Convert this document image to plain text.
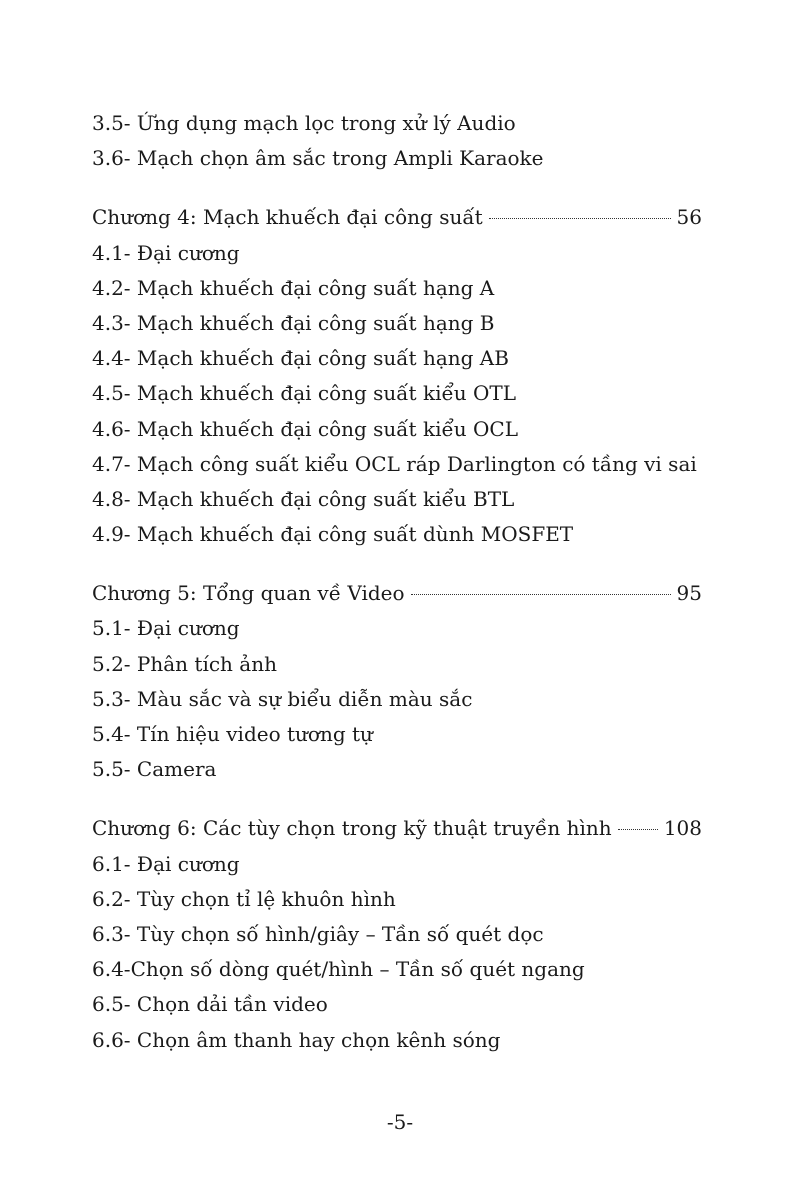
3.5- Ứng dụng mạch lọc trong xử lý Audio
3.6- Mạch chọn âm sắc trong Ampli Karaoke
Chương 4: Mạch khuếch đại công suất	56
4.1- Đại cương
4.2- Mạch khuếch đại công suất hạng A
4.3- Mạch khuếch đại công suất hạng B
4.4- Mạch khuếch đại công suất hạng AB
4.5- Mạch khuếch đại công suất kiểu OTL
4.6- Mạch khuếch đại công suất kiểu OCL
4.7- Mạch công suất kiểu OCL ráp Darlington có tầng vi sai
4.8- Mạch khuếch đại công suất kiểu BTL
4.9- Mạch khuếch đại công suất dùnh MOSFET
Chương 5: Tổng quan về Video	95
5.1- Đại cương
5.2- Phân tích ảnh
5.3- Màu sắc và sự biểu diễn màu sắc
5.4- Tín hiệu video tương tự
5.5- Camera
Chương 6: Các tùy chọn trong kỹ thuật truyền hình	108
6.1- Đại cương
6.2- Tùy chọn tỉ lệ khuôn hình
6.3- Tùy chọn số hình/giây – Tần số quét dọc
6.4-Chọn số dòng quét/hình – Tần số quét ngang
6.5- Chọn dải tần video
6.6- Chọn âm thanh hay chọn kênh sóng
-5-
